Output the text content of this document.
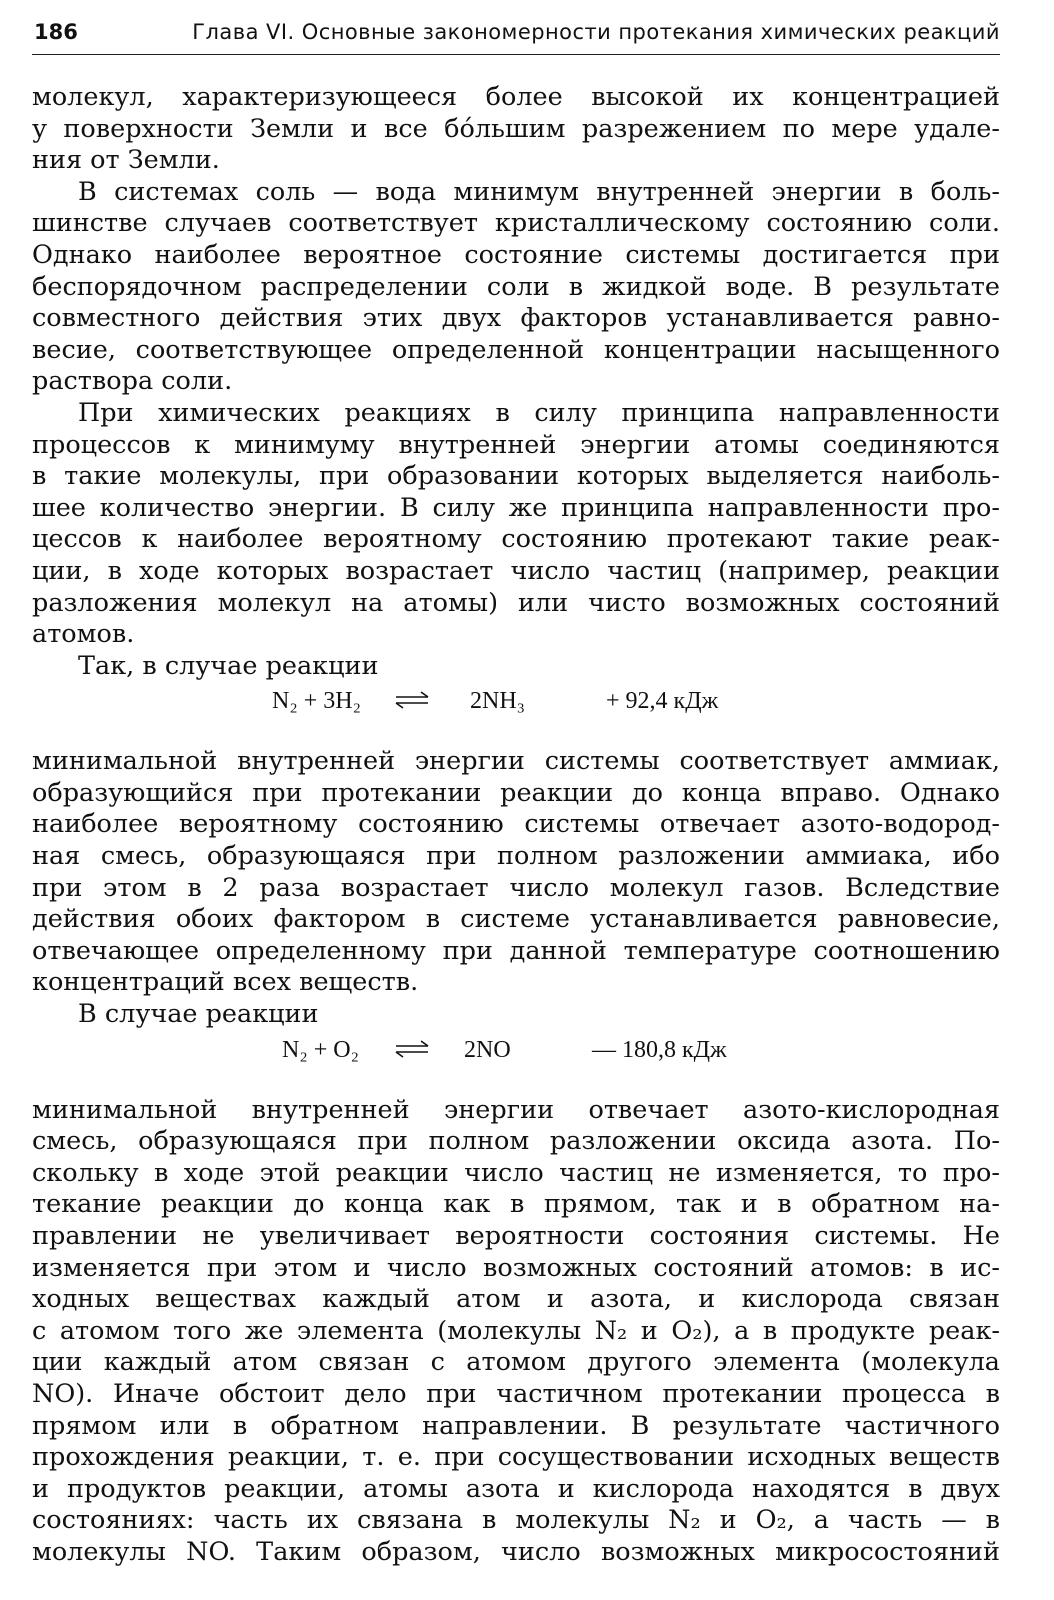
186	Глава VI. Основные закономерности протекания химических реакций
молекул, характеризующееся более высокой их концентрацией
у поверхности Земли и все бо́льшим разрежением по мере удале-
ния от Земли.
В системах соль — вода минимум внутренней энергии в боль-
шинстве случаев соответствует кристаллическому состоянию соли.
Однако наиболее вероятное состояние системы достигается при
беспорядочном распределении соли в жидкой воде. В результате
совместного действия этих двух факторов устанавливается равно-
весие, соответствующее определенной концентрации насыщенного
раствора соли.
При химических реакциях в силу принципа направленности
процессов к минимуму внутренней энергии атомы соединяются
в такие молекулы, при образовании которых выделяется наиболь-
шее количество энергии. В силу же принципа направленности про-
цессов к наиболее вероятному состоянию протекают такие реак-
ции, в ходе которых возрастает число частиц (например, реакции
разложения молекул на атомы) или чисто возможных состояний
атомов.
Так, в случае реакции
N₂ + 3H₂ ⇌ 2NH₃	+ 92,4 кДж
минимальной внутренней энергии системы соответствует аммиак,
образующийся при протекании реакции до конца вправо. Однако
наиболее вероятному состоянию системы отвечает азото-водород-
ная смесь, образующаяся при полном разложении аммиака, ибо
при этом в 2 раза возрастает число молекул газов. Вследствие
действия обоих фактором в системе устанавливается равновесие,
отвечающее определенному при данной температуре соотношению
концентраций всех веществ.
В случае реакции
N₂ + O₂ ⇌ 2NO	— 180,8 кДж
минимальной внутренней энергии отвечает азото-кислородная
смесь, образующаяся при полном разложении оксида азота. По-
скольку в ходе этой реакции число частиц не изменяется, то про-
текание реакции до конца как в прямом, так и в обратном на-
правлении не увеличивает вероятности состояния системы. Не
изменяется при этом и число возможных состояний атомов: в ис-
ходных веществах каждый атом и азота, и кислорода связан
с атомом того же элемента (молекулы N₂ и O₂), а в продукте реак-
ции каждый атом связан с атомом другого элемента (молекула
NO). Иначе обстоит дело при частичном протекании процесса в
прямом или в обратном направлении. В результате частичного
прохождения реакции, т. е. при сосуществовании исходных веществ
и продуктов реакции, атомы азота и кислорода находятся в двух
состояниях: часть их связана в молекулы N₂ и O₂, а часть — в
молекулы NO. Таким образом, число возможных микросостояний
